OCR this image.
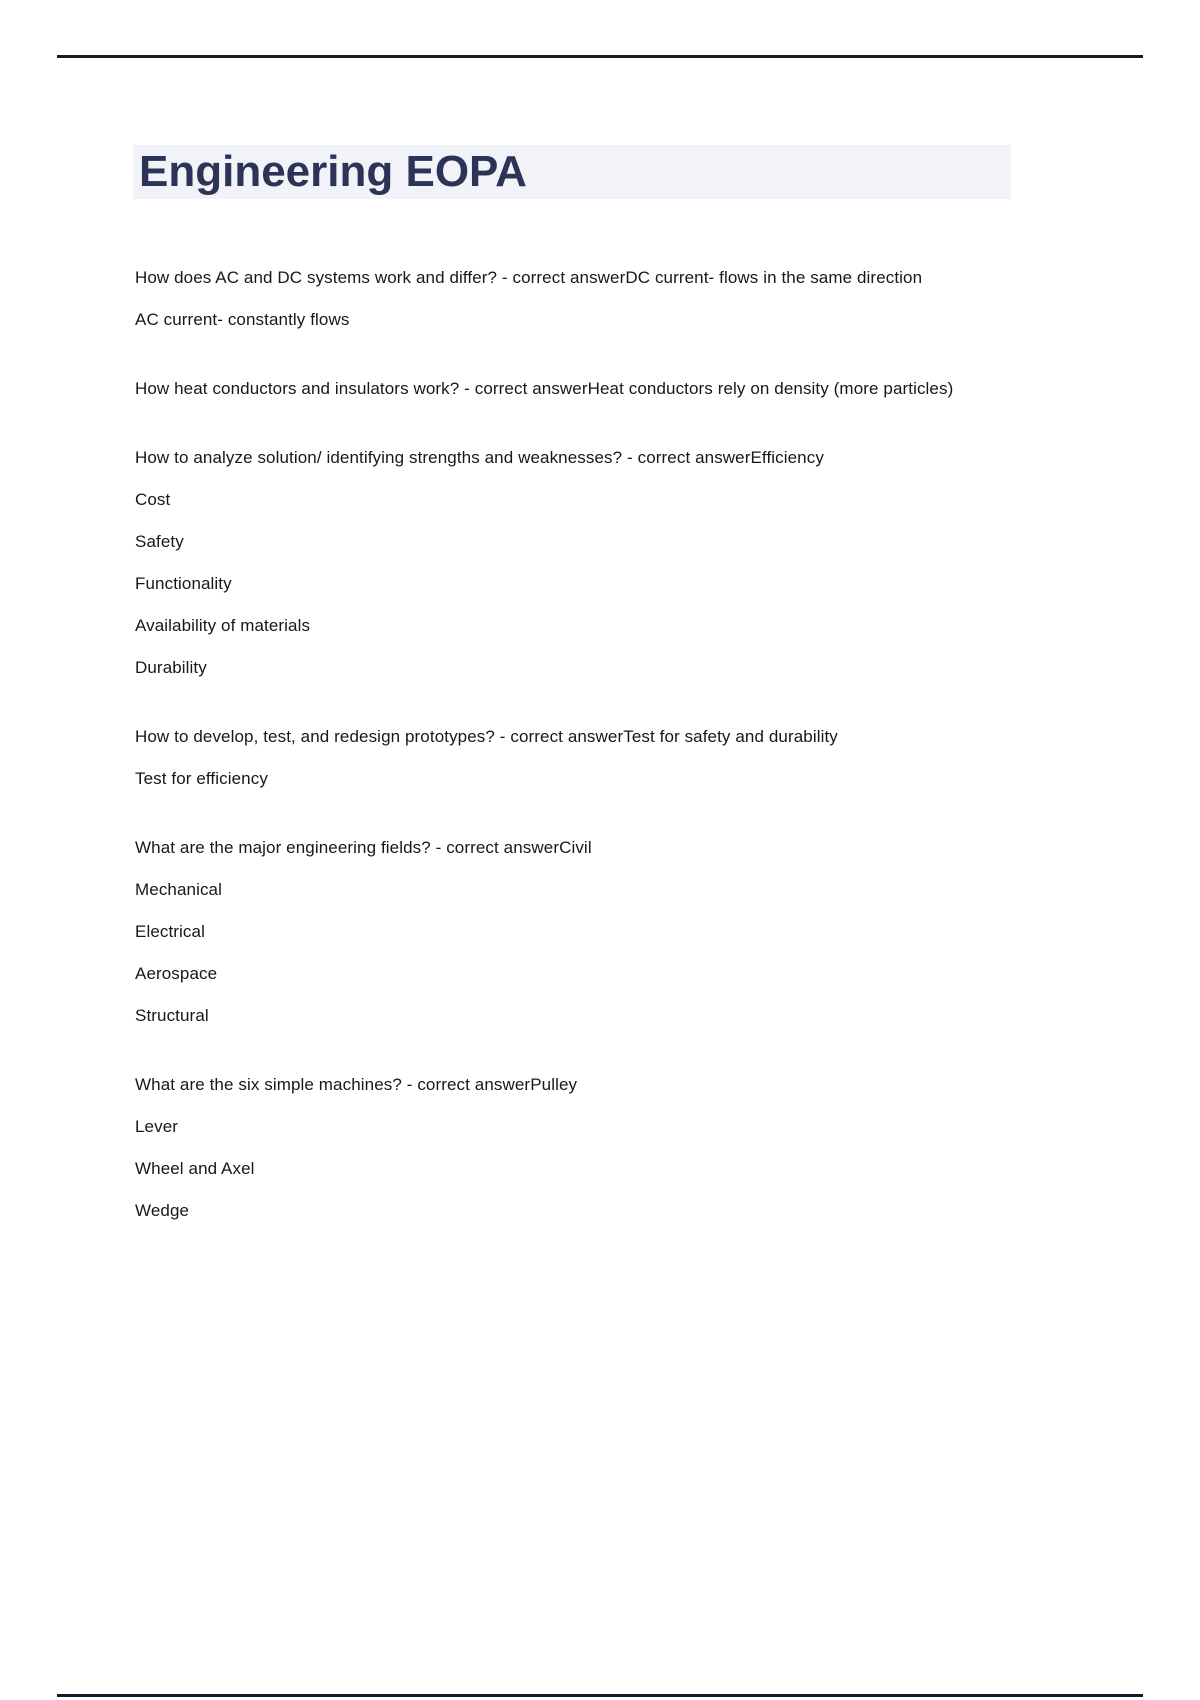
Engineering EOPA

How does AC and DC systems work and differ? - correct answerDC current- flows in the same direction

AC current- constantly flows

How heat conductors and insulators work? - correct answerHeat conductors rely on density (more particles)

How to analyze solution/ identifying strengths and weaknesses? - correct answerEfficiency

Cost

Safety

Functionality

Availability of materials

Durability

How to develop, test, and redesign prototypes? - correct answerTest for safety and durability

Test for efficiency

What are the major engineering fields? - correct answerCivil

Mechanical

Electrical

Aerospace

Structural

What are the six simple machines? - correct answerPulley

Lever

Wheel and Axel

Wedge
